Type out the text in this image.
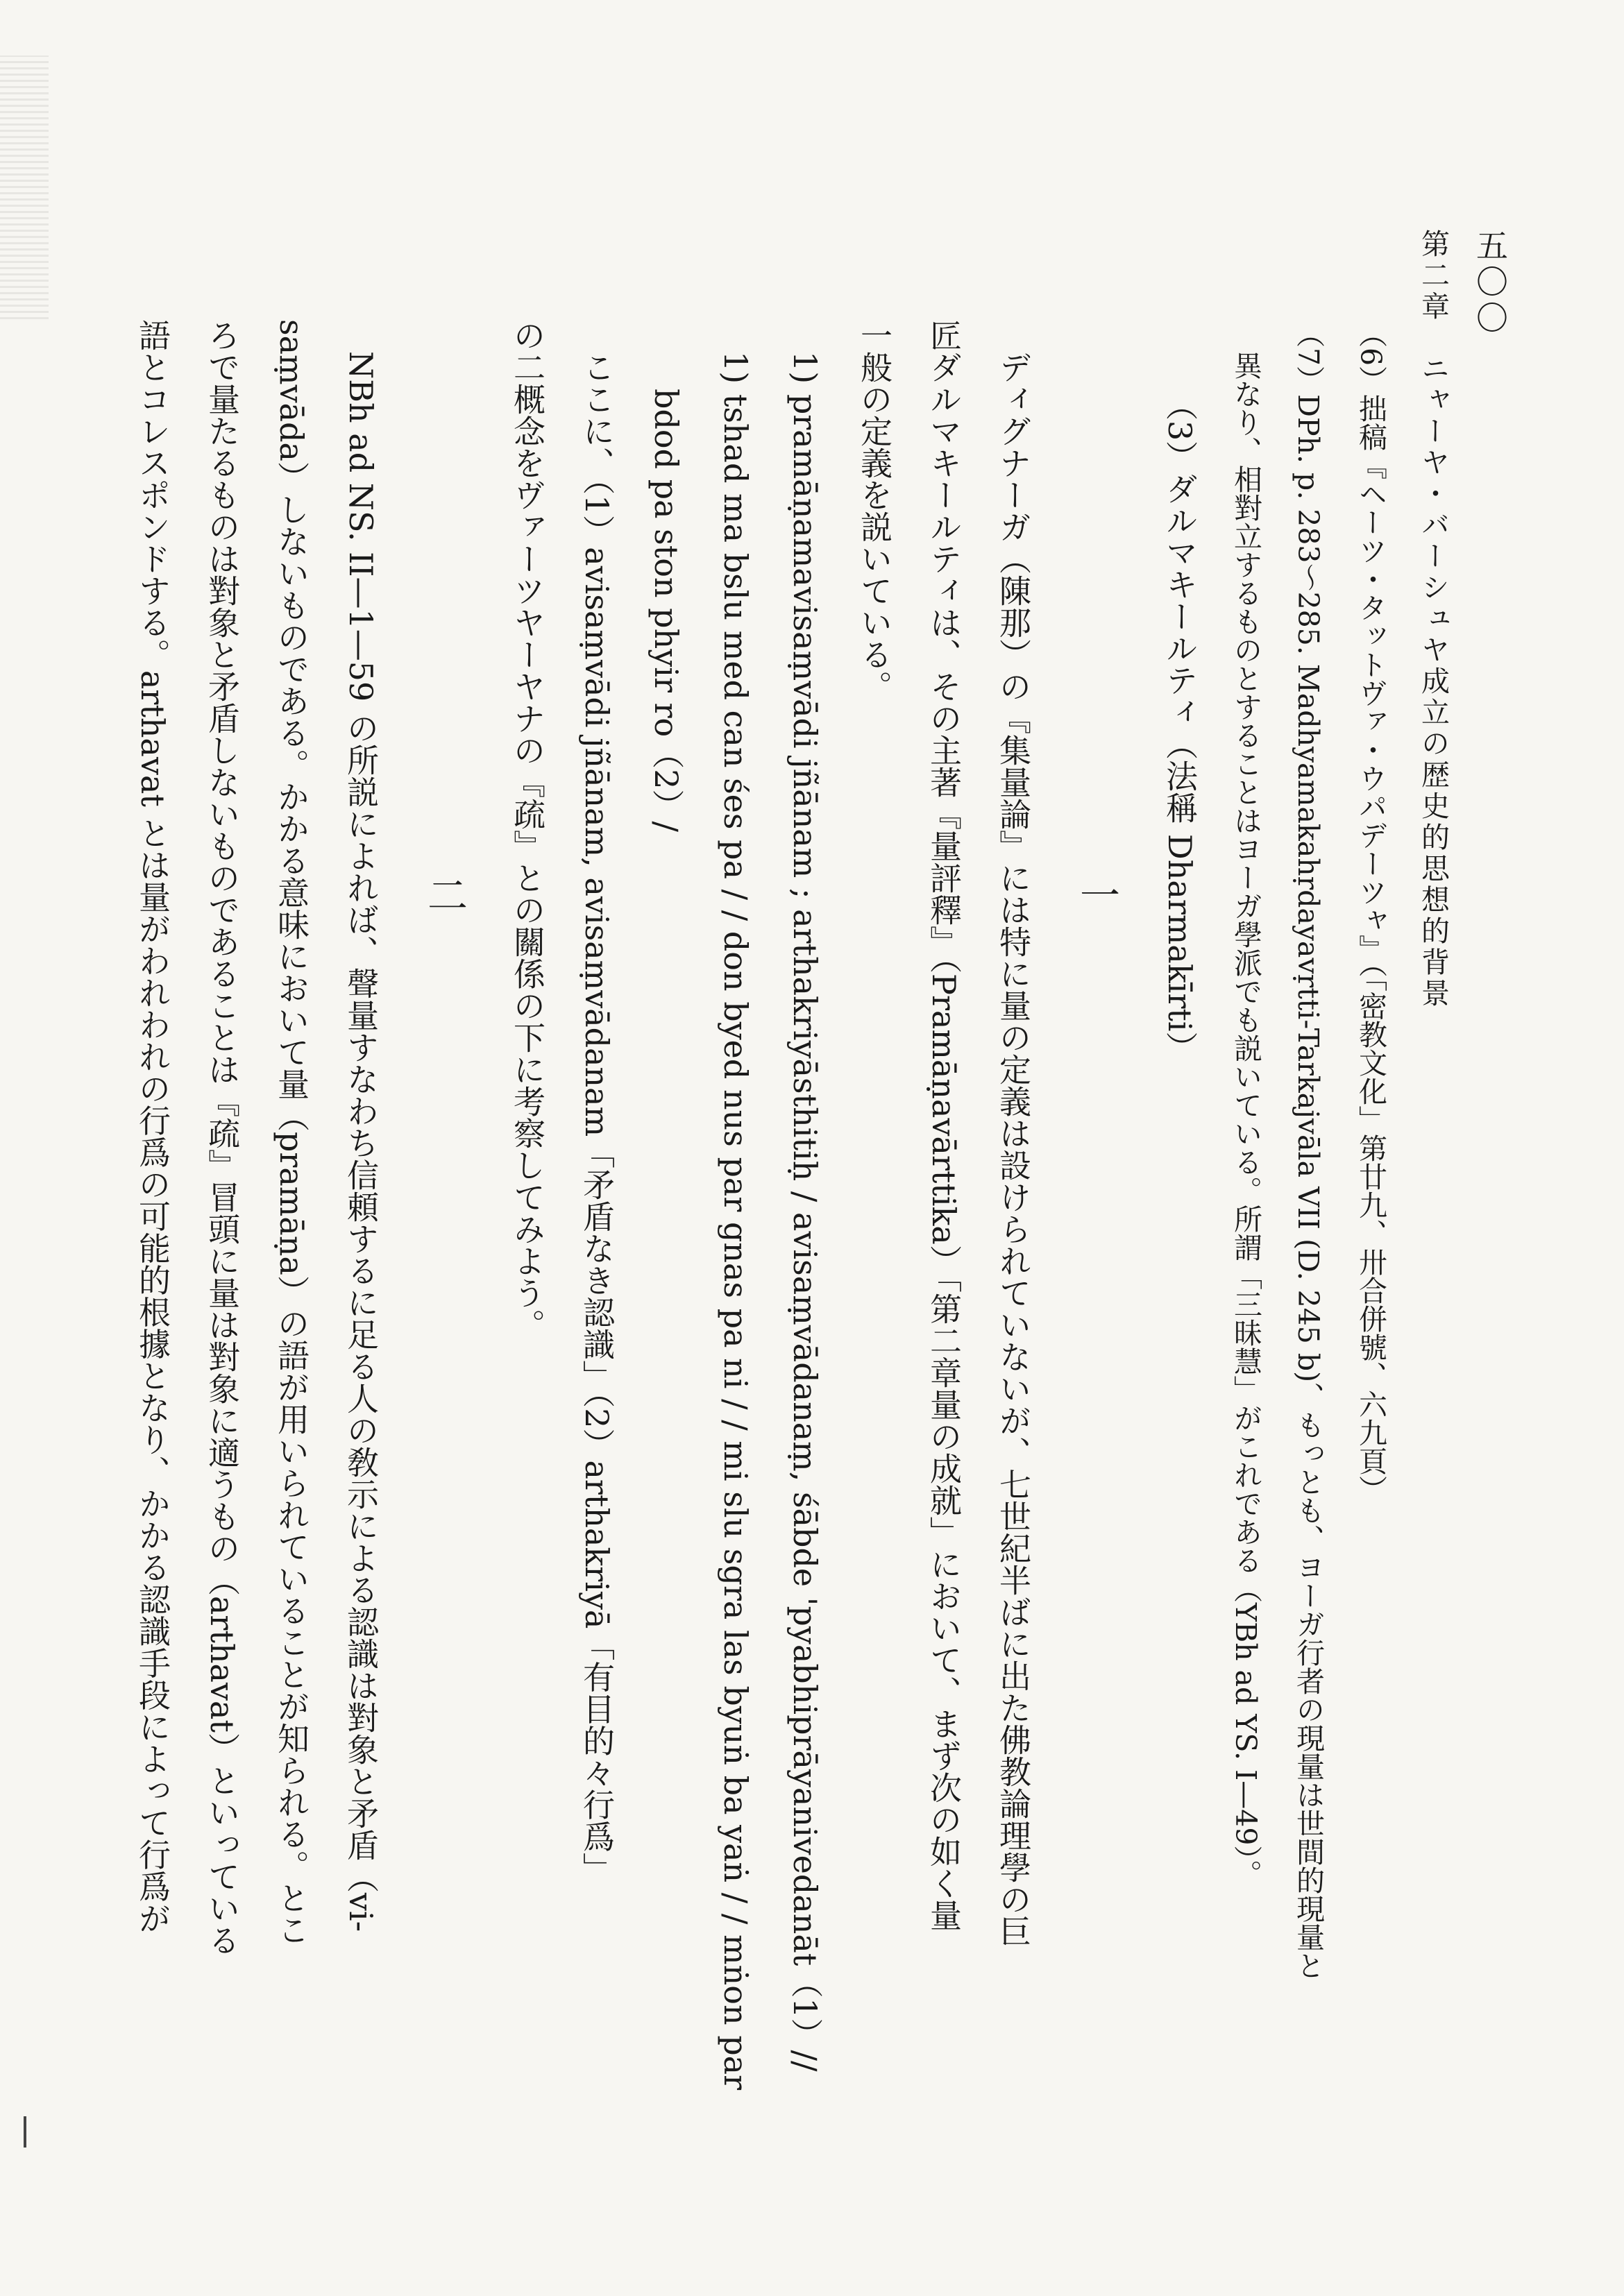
五〇〇
第二章　ニャーヤ・バーシュヤ成立の歴史的思想的背景
（6）拙稿『ヘーツ・タットヴァ・ウパデーツャ』（「密教文化」第廿九、卅合併號、六九頁）
（7）DPh. p. 283〜285. Madhyamakahṛdayavṛtti-Tarkajvāla VII (D. 245 b)、もっとも、ヨーガ行者の現量は世間的現量と
異なり、相對立するものとすることはヨーガ學派でも説いている。所謂「三昧慧」がこれである（YBh ad YS. I—49）。
（3）ダルマキールティ（法稱 Dharmakīrti）
一
ディグナーガ（陳那）の『集量論』には特に量の定義は設けられていないが、七世紀半ばに出た佛教論理學の巨
匠ダルマキールティは、その主著『量評釋』（Pramāṇavārttika）「第二章量の成就」において、まず次の如く量
一般の定義を説いている。
1) pramāṇamavisaṃvādi jñānam ; arthakriyāsthitiḥ / avisaṃvādanaṃ, śābde 'pyabhiprāyanivedanāt（1）//
1) tshad ma bslu med can śes pa / / don byed nus par gnas pa ni / / mi slu sgra las byuṅ ba yaṅ / / mṅon par
bdod pa ston phyir ro（2）/
ここに、（1）avisaṃvādi jñānam, avisaṃvādanam「矛盾なき認識」（2）arthakriyā「有目的々行爲」
の二概念をヴァーツヤーヤナの『疏』との關係の下に考察してみよう。
二
NBh ad NS. II—1—59 の所説によれば、聲量すなわち信頼するに足る人の敎示による認識は對象と矛盾（vi-
saṃvāda）しないものである。かかる意味において量（pramāṇa）の語が用いられていることが知られる。とこ
ろで量たるものは對象と矛盾しないものであることは『疏』冒頭に量は對象に適うもの（arthavat）といっている
語とコレスポンドする。arthavat とは量がわれわれの行爲の可能的根據となり、かかる認識手段によって行爲が
